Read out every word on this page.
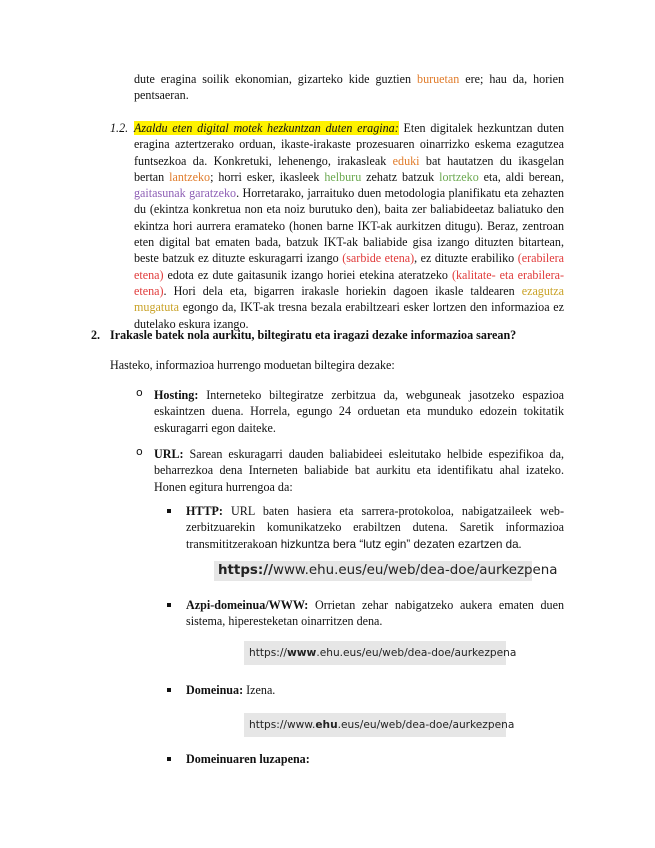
dute eragina soilik ekonomian, gizarteko kide guztien buruetan ere; hau da, horien pentsaeran.

1.2. Azaldu eten digital motek hezkuntzan duten eragina: Eten digitalek hezkuntzan duten eragina aztertzerako orduan, ikaste-irakaste prozesuaren oinarrizko eskema ezagutzea funtsezkoa da. Konkretuki, lehenengo, irakasleak eduki bat hautatzen du ikasgelan bertan lantzeko; horri esker, ikasleek helburu zehatz batzuk lortzeko eta, aldi berean, gaitasunak garatzeko. Horretarako, jarraituko duen metodologia planifikatu eta zehazten du (ekintza konkretua non eta noiz burutuko den), baita zer baliabideetaz baliatuko den ekintza hori aurrera eramateko (honen barne IKT-ak aurkitzen ditugu). Beraz, zentroan eten digital bat ematen bada, batzuk IKT-ak baliabide gisa izango dituzten bitartean, beste batzuk ez dituzte eskuragarri izango (sarbide etena), ez dituzte erabiliko (erabilera etena) edota ez dute gaitasunik izango horiei etekina ateratzeko (kalitate- eta erabilera-etena). Hori dela eta, bigarren irakasle horiekin dagoen ikasle taldearen ezagutza mugatuta egongo da, IKT-ak tresna bezala erabiltzeari esker lortzen den informazioa ez dutelako eskura izango.

2. Irakasle batek nola aurkitu, biltegiratu eta iragazi dezake informazioa sarean?
Hasteko, informazioa hurrengo moduetan biltegira dezake:
o Hosting: Interneteko biltegiratze zerbitzua da, webguneak jasotzeko espazioa eskaintzen duena. Horrela, egungo 24 orduetan eta munduko edozein tokitatik eskuragarri egon daiteke.

o URL: Sarean eskuragarri dauden baliabideei esleitutako helbide espezifikoa da, beharrezkoa dena Interneten baliabide bat aurkitu eta identifikatu ahal izateko. Honen egitura hurrengoa da:

HTTP: URL baten hasiera eta sarrera-protokoloa, nabigatzaileek web-zerbitzuarekin komunikatzeko erabiltzen dutena. Saretik informazioa transmititzerakoan hizkuntza bera “lutz egin” dezaten ezartzen da.

https://www.ehu.eus/eu/web/dea-doe/aurkezpena

Azpi-domeinua/WWW: Orrietan zehar nabigatzeko aukera ematen duen sistema, hiperesteketan oinarritzen dena.

https://www.ehu.eus/eu/web/dea-doe/aurkezpena

Domeinua: Izena.

https://www.ehu.eus/eu/web/dea-doe/aurkezpena

Domeinuaren luzapena:
